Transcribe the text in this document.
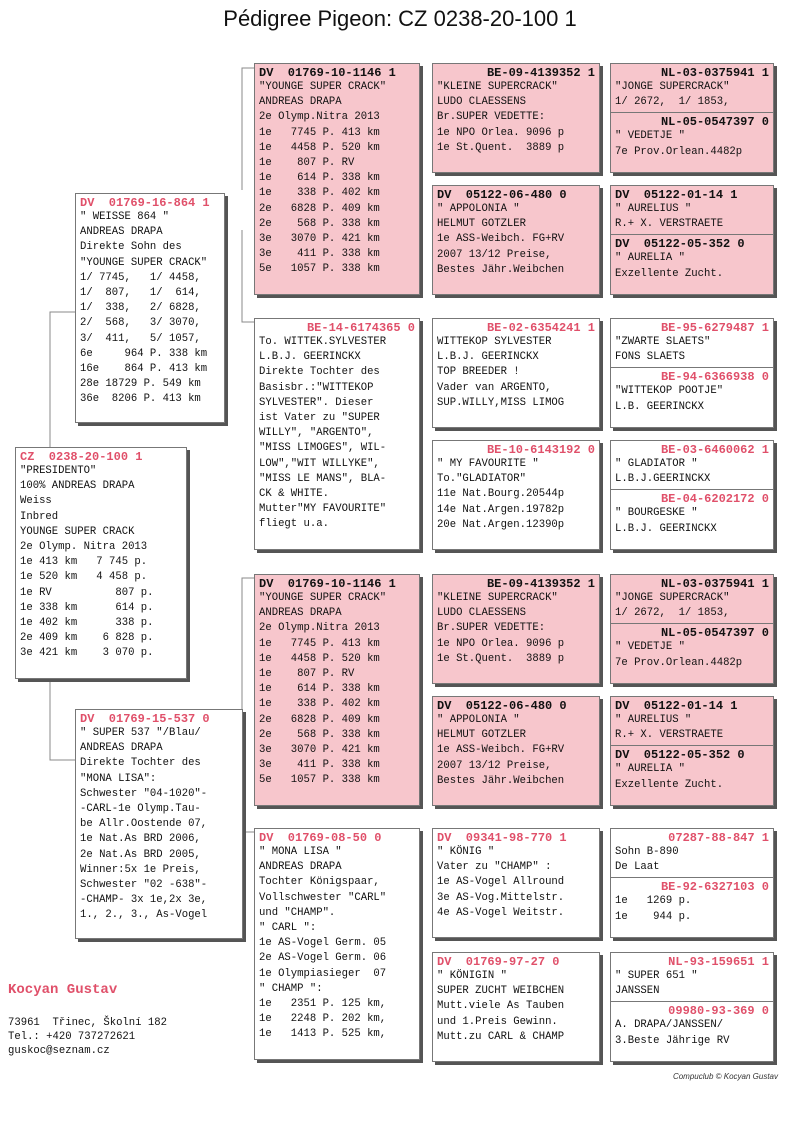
Pédigree Pigeon: CZ 0238-20-100 1
CZ  0238-20-100 1
"PRESIDENTO"
100% ANDREAS DRAPA
Weiss
Inbred
YOUNGE SUPER CRACK
2e Olymp. Nitra 2013
1e 413 km   7 745 p.
1e 520 km   4 458 p.
1e RV          807 p.
1e 338 km      614 p.
1e 402 km      338 p.
2e 409 km    6 828 p.
3e 421 km    3 070 p.
DV  01769-16-864 1
" WEISSE 864 "
ANDREAS DRAPA
Direkte Sohn des
"YOUNGE SUPER CRACK"
1/ 7745,   1/ 4458,
1/  807,   1/  614,
1/  338,   2/ 6828,
2/  568,   3/ 3070,
3/  411,   5/ 1057,
6e     964 P. 338 km
16e    864 P. 413 km
28e 18729 P. 549 km
36e  8206 P. 413 km
DV  01769-15-537 0
" SUPER 537 "/Blau/
ANDREAS DRAPA
Direkte Tochter des
"MONA LISA":
Schwester "04-1020"-
-CARL-1e Olymp.Tau-
be Allr.Oostende 07,
1e Nat.As BRD 2006,
2e Nat.As BRD 2005,
Winner:5x 1e Preis,
Schwester "02 -638"-
-CHAMP- 3x 1e,2x 3e,
1., 2., 3., As-Vogel
DV  01769-10-1146 1
"YOUNGE SUPER CRACK"
ANDREAS DRAPA
2e Olymp.Nitra 2013
1e   7745 P. 413 km
1e   4458 P. 520 km
1e    807 P. RV
1e    614 P. 338 km
1e    338 P. 402 km
2e   6828 P. 409 km
2e    568 P. 338 km
3e   3070 P. 421 km
3e    411 P. 338 km
5e   1057 P. 338 km
BE-14-6174365 0
To. WITTEK.SYLVESTER
L.B.J. GEERINCKX
Direkte Tochter des
Basisbr.:"WITTEKOP
SYLVESTER". Dieser
ist Vater zu "SUPER
WILLY", "ARGENTO",
"MISS LIMOGES", WIL-
LOW","WIT WILLYKE",
"MISS LE MANS", BLA-
CK & WHITE.
Mutter"MY FAVOURITE"
fliegt u.a.
DV  01769-10-1146 1
"YOUNGE SUPER CRACK"
ANDREAS DRAPA
2e Olymp.Nitra 2013
1e   7745 P. 413 km
1e   4458 P. 520 km
1e    807 P. RV
1e    614 P. 338 km
1e    338 P. 402 km
2e   6828 P. 409 km
2e    568 P. 338 km
3e   3070 P. 421 km
3e    411 P. 338 km
5e   1057 P. 338 km
DV  01769-08-50 0
" MONA LISA "
ANDREAS DRAPA
Tochter Königspaar,
Vollschwester "CARL"
und "CHAMP".
" CARL ":
1e AS-Vogel Germ. 05
2e AS-Vogel Germ. 06
1e Olympiasieger  07
" CHAMP ":
1e   2351 P. 125 km,
1e   2248 P. 202 km,
1e   1413 P. 525 km,
BE-09-4139352 1
"KLEINE SUPERCRACK"
LUDO CLAESSENS
Br.SUPER VEDETTE:
1e NPO Orlea. 9096 p
1e St.Quent.  3889 p
DV  05122-06-480 0
" APPOLONIA "
HELMUT GOTZLER
1e ASS-Weibch. FG+RV
2007 13/12 Preise,
Bestes Jähr.Weibchen
BE-02-6354241 1
WITTEKOP SYLVESTER
L.B.J. GEERINCKX
TOP BREEDER !
Vader van ARGENTO,
SUP.WILLY,MISS LIMOG
BE-10-6143192 0
" MY FAVOURITE "
To."GLADIATOR"
11e Nat.Bourg.20544p
14e Nat.Argen.19782p
20e Nat.Argen.12390p
BE-09-4139352 1
"KLEINE SUPERCRACK"
LUDO CLAESSENS
Br.SUPER VEDETTE:
1e NPO Orlea. 9096 p
1e St.Quent.  3889 p
DV  05122-06-480 0
" APPOLONIA "
HELMUT GOTZLER
1e ASS-Weibch. FG+RV
2007 13/12 Preise,
Bestes Jähr.Weibchen
DV  09341-98-770 1
" KÖNIG "
Vater zu "CHAMP" :
1e AS-Vogel Allround
3e AS-Vog.Mittelstr.
4e AS-Vogel Weitstr.
DV  01769-97-27 0
" KÖNIGIN "
SUPER ZUCHT WEIBCHEN
Mutt.viele As Tauben
und 1.Preis Gewinn.
Mutt.zu CARL & CHAMP
NL-03-0375941 1
"JONGE SUPERCRACK"
1/ 2672,  1/ 1853,
NL-05-0547397 0
" VEDETJE "
7e Prov.Orlean.4482p
DV  05122-01-14 1
" AURELIUS "
R.+ X. VERSTRAETE
DV  05122-05-352 0
" AURELIA "
Exzellente Zucht.
BE-95-6279487 1
"ZWARTE SLAETS"
FONS SLAETS
BE-94-6366938 0
"WITTEKOP POOTJE"
L.B. GEERINCKX
BE-03-6460062 1
" GLADIATOR "
L.B.J.GEERINCKX
BE-04-6202172 0
" BOURGESKE "
L.B.J. GEERINCKX
NL-03-0375941 1
"JONGE SUPERCRACK"
1/ 2672,  1/ 1853,
NL-05-0547397 0
" VEDETJE "
7e Prov.Orlean.4482p
DV  05122-01-14 1
" AURELIUS "
R.+ X. VERSTRAETE
DV  05122-05-352 0
" AURELIA "
Exzellente Zucht.
07287-88-847 1
Sohn B-890
De Laat
BE-92-6327103 0
1e   1269 p.
1e    944 p.
NL-93-159651 1
" SUPER 651 "
JANSSEN
09980-93-369 0
A. DRAPA/JANSSEN/
3.Beste Jährige RV
Kocyan Gustav
73961  Třinec, Školní 182
Tel.: +420 737272621
guskoc@seznam.cz
Compuclub © Kocyan Gustav
